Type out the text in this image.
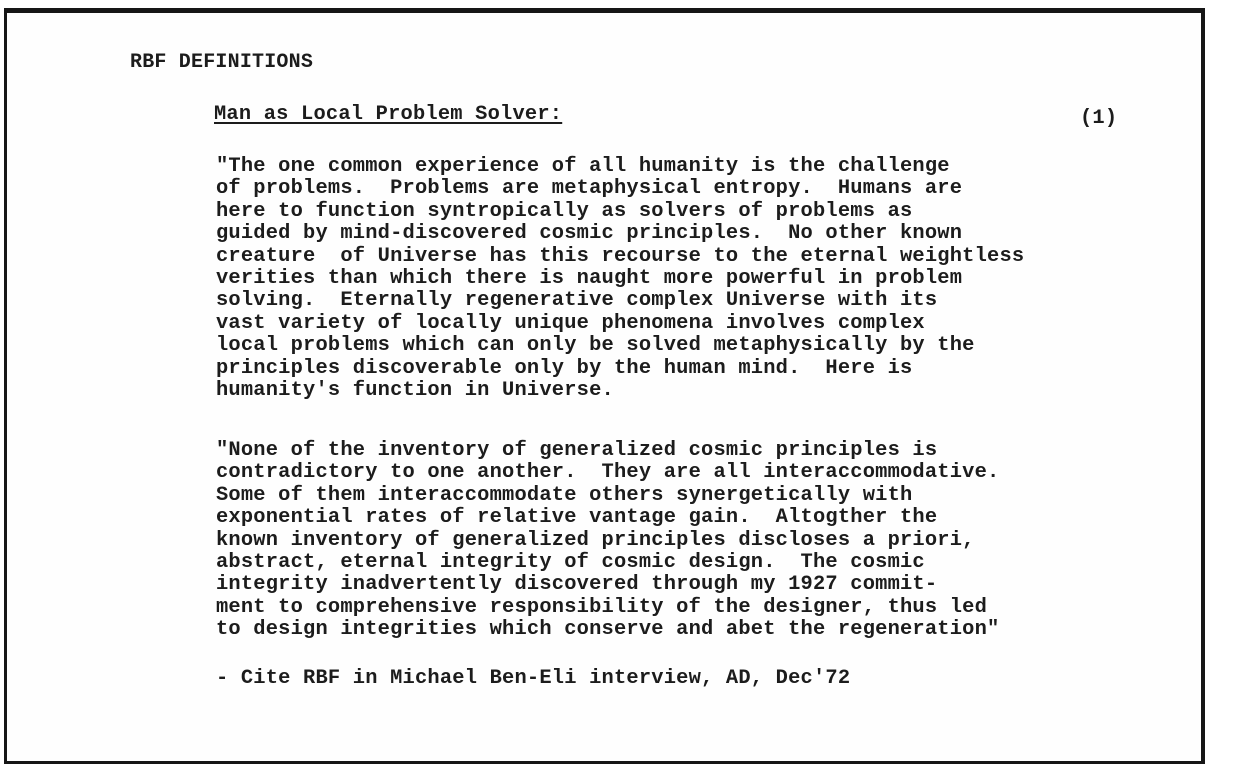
RBF DEFINITIONS
Man as Local Problem Solver:	(1)
"The one common experience of all humanity is the challenge
of problems.  Problems are metaphysical entropy.  Humans are
here to function syntropically as solvers of problems as
guided by mind-discovered cosmic principles.  No other known
creature  of Universe has this recourse to the eternal weightless
verities than which there is naught more powerful in problem
solving.  Eternally regenerative complex Universe with its
vast variety of locally unique phenomena involves complex
local problems which can only be solved metaphysically by the
principles discoverable only by the human mind.  Here is
humanity's function in Universe.
"None of the inventory of generalized cosmic principles is
contradictory to one another.  They are all interaccommodative.
Some of them interaccommodate others synergetically with
exponential rates of relative vantage gain.  Altogther the
known inventory of generalized principles discloses a priori,
abstract, eternal integrity of cosmic design.  The cosmic
integrity inadvertently discovered through my 1927 commit-
ment to comprehensive responsibility of the designer, thus led
to design integrities which conserve and abet the regeneration"
- Cite RBF in Michael Ben-Eli interview, AD, Dec'72
